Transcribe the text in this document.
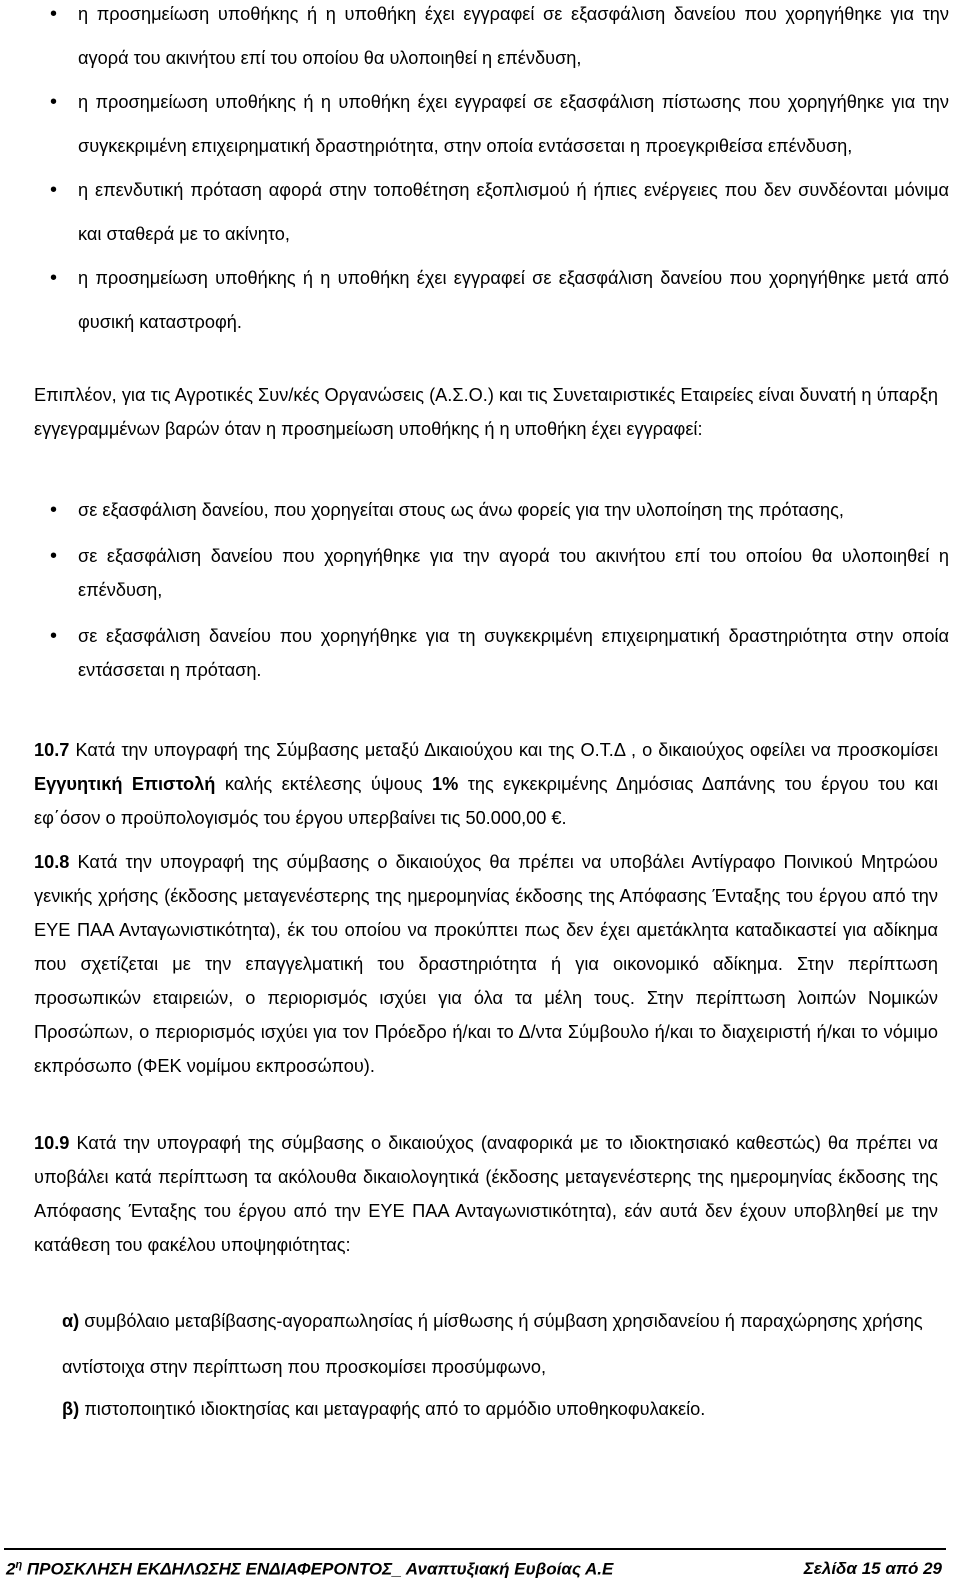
• η προσημείωση υποθήκης ή η υποθήκη έχει εγγραφεί σε εξασφάλιση δανείου που χορηγήθηκε για την αγορά του ακινήτου επί του οποίου θα υλοποιηθεί η επένδυση,
• η προσημείωση υποθήκης ή η υποθήκη έχει εγγραφεί σε εξασφάλιση πίστωσης που χορηγήθηκε για την συγκεκριμένη επιχειρηματική δραστηριότητα, στην οποία εντάσσεται η προεγκριθείσα επένδυση,
• η επενδυτική πρόταση αφορά στην τοποθέτηση εξοπλισμού ή ήπιες ενέργειες που δεν συνδέονται μόνιμα και σταθερά με το ακίνητο,
• η προσημείωση υποθήκης ή η υποθήκη έχει εγγραφεί σε εξασφάλιση δανείου που χορηγήθηκε μετά από φυσική καταστροφή.

Επιπλέον, για τις Αγροτικές Συν/κές Οργανώσεις (Α.Σ.Ο.) και τις Συνεταιριστικές Εταιρείες είναι δυνατή η ύπαρξη εγγεγραμμένων βαρών όταν η προσημείωση υποθήκης ή η υποθήκη έχει εγγραφεί:

• σε εξασφάλιση δανείου, που χορηγείται στους ως άνω φορείς για την υλοποίηση της πρότασης,
• σε εξασφάλιση δανείου που χορηγήθηκε για την αγορά του ακινήτου επί του οποίου θα υλοποιηθεί η επένδυση,
• σε εξασφάλιση δανείου που χορηγήθηκε για τη συγκεκριμένη επιχειρηματική δραστηριότητα στην οποία εντάσσεται η πρόταση.

10.7 Κατά την υπογραφή της Σύμβασης μεταξύ Δικαιούχου και της Ο.Τ.Δ , ο δικαιούχος οφείλει να προσκομίσει Εγγυητική Επιστολή καλής εκτέλεσης ύψους 1% της εγκεκριμένης Δημόσιας Δαπάνης του έργου του και εφ΄όσον ο προϋπολογισμός του έργου υπερβαίνει τις 50.000,00 €.

10.8 Κατά την υπογραφή της σύμβασης ο δικαιούχος θα πρέπει να υποβάλει Αντίγραφο Ποινικού Μητρώου γενικής χρήσης (έκδοσης μεταγενέστερης της ημερομηνίας έκδοσης της Απόφασης Ένταξης του έργου από την ΕΥΕ ΠΑΑ Ανταγωνιστικότητα), έκ του οποίου να προκύπτει πως δεν έχει αμετάκλητα καταδικαστεί για αδίκημα που σχετίζεται με την επαγγελματική του δραστηριότητα ή για οικονομικό αδίκημα. Στην περίπτωση προσωπικών εταιρειών, ο περιορισμός ισχύει για όλα τα μέλη τους. Στην περίπτωση λοιπών Νομικών Προσώπων, ο περιορισμός ισχύει για τον Πρόεδρο ή/και το Δ/ντα Σύμβουλο ή/και το διαχειριστή ή/και το νόμιμο εκπρόσωπο (ΦΕΚ νομίμου εκπροσώπου).

10.9 Κατά την υπογραφή της σύμβασης ο δικαιούχος (αναφορικά με το ιδιοκτησιακό καθεστώς) θα πρέπει να υποβάλει κατά περίπτωση τα ακόλουθα δικαιολογητικά (έκδοσης μεταγενέστερης της ημερομηνίας έκδοσης της Απόφασης Ένταξης του έργου από την ΕΥΕ ΠΑΑ Ανταγωνιστικότητα), εάν αυτά δεν έχουν υποβληθεί με την κατάθεση του φακέλου υποψηφιότητας:

α) συμβόλαιο μεταβίβασης-αγοραπωλησίας ή μίσθωσης ή σύμβαση χρησιδανείου ή παραχώρησης χρήσης αντίστοιχα στην περίπτωση που προσκομίσει προσύμφωνο,

β) πιστοποιητικό ιδιοκτησίας και μεταγραφής από το αρμόδιο υποθηκοφυλακείο.

$2^\eta$ ΠΡΟΣΚΛΗΣΗ ΕΚΔΗΛΩΣΗΣ ΕΝΔΙΑΦΕΡΟΝΤΟΣ_ Αναπτυξιακή Ευβοίας Α.Ε	Σελίδα 15 από 29
